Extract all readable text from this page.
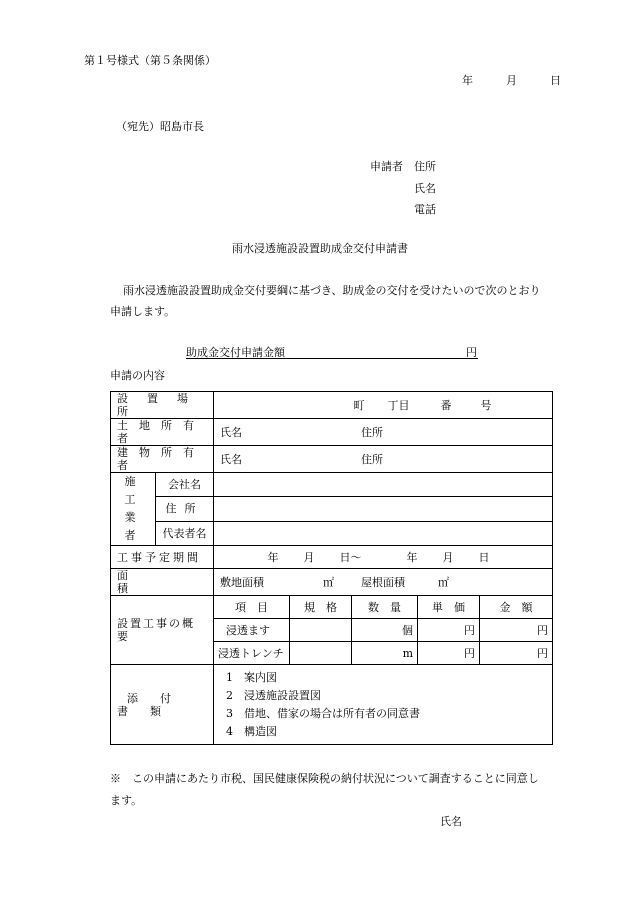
第１号様式（第５条関係）
年	月	日
（宛先）昭島市長
申請者 住所
氏名
電話
雨水浸透施設設置助成金交付申請書
雨水浸透施設設置助成金交付要綱に基づき、助成金の交付を受けたいので次のとおり
申請します。
助成金交付申請金額	円
申請の内容
設置場所		町 丁目 番 号				
土地所有者		氏名 住所				
建物所有者		氏名 住所				
施工業者	会社名					
	住所					
	代表者名					
工事予定期間		年 月 日～ 年 月 日				
面積		敷地面積 ㎡ 屋根面積 ㎡				
設置工事の概要		項　目	規　格	数　量	単　価	金　額
		浸透ます		個	円	円
		浸透トレンチ		m	円	円
添付書類		1　案内図
2　浸透施設設置図
3　借地、借家の場合は所有者の同意書
4　構造図				
※　この申請にあたり市税、国民健康保険税の納付状況について調査することに同意し
ます。
氏名
